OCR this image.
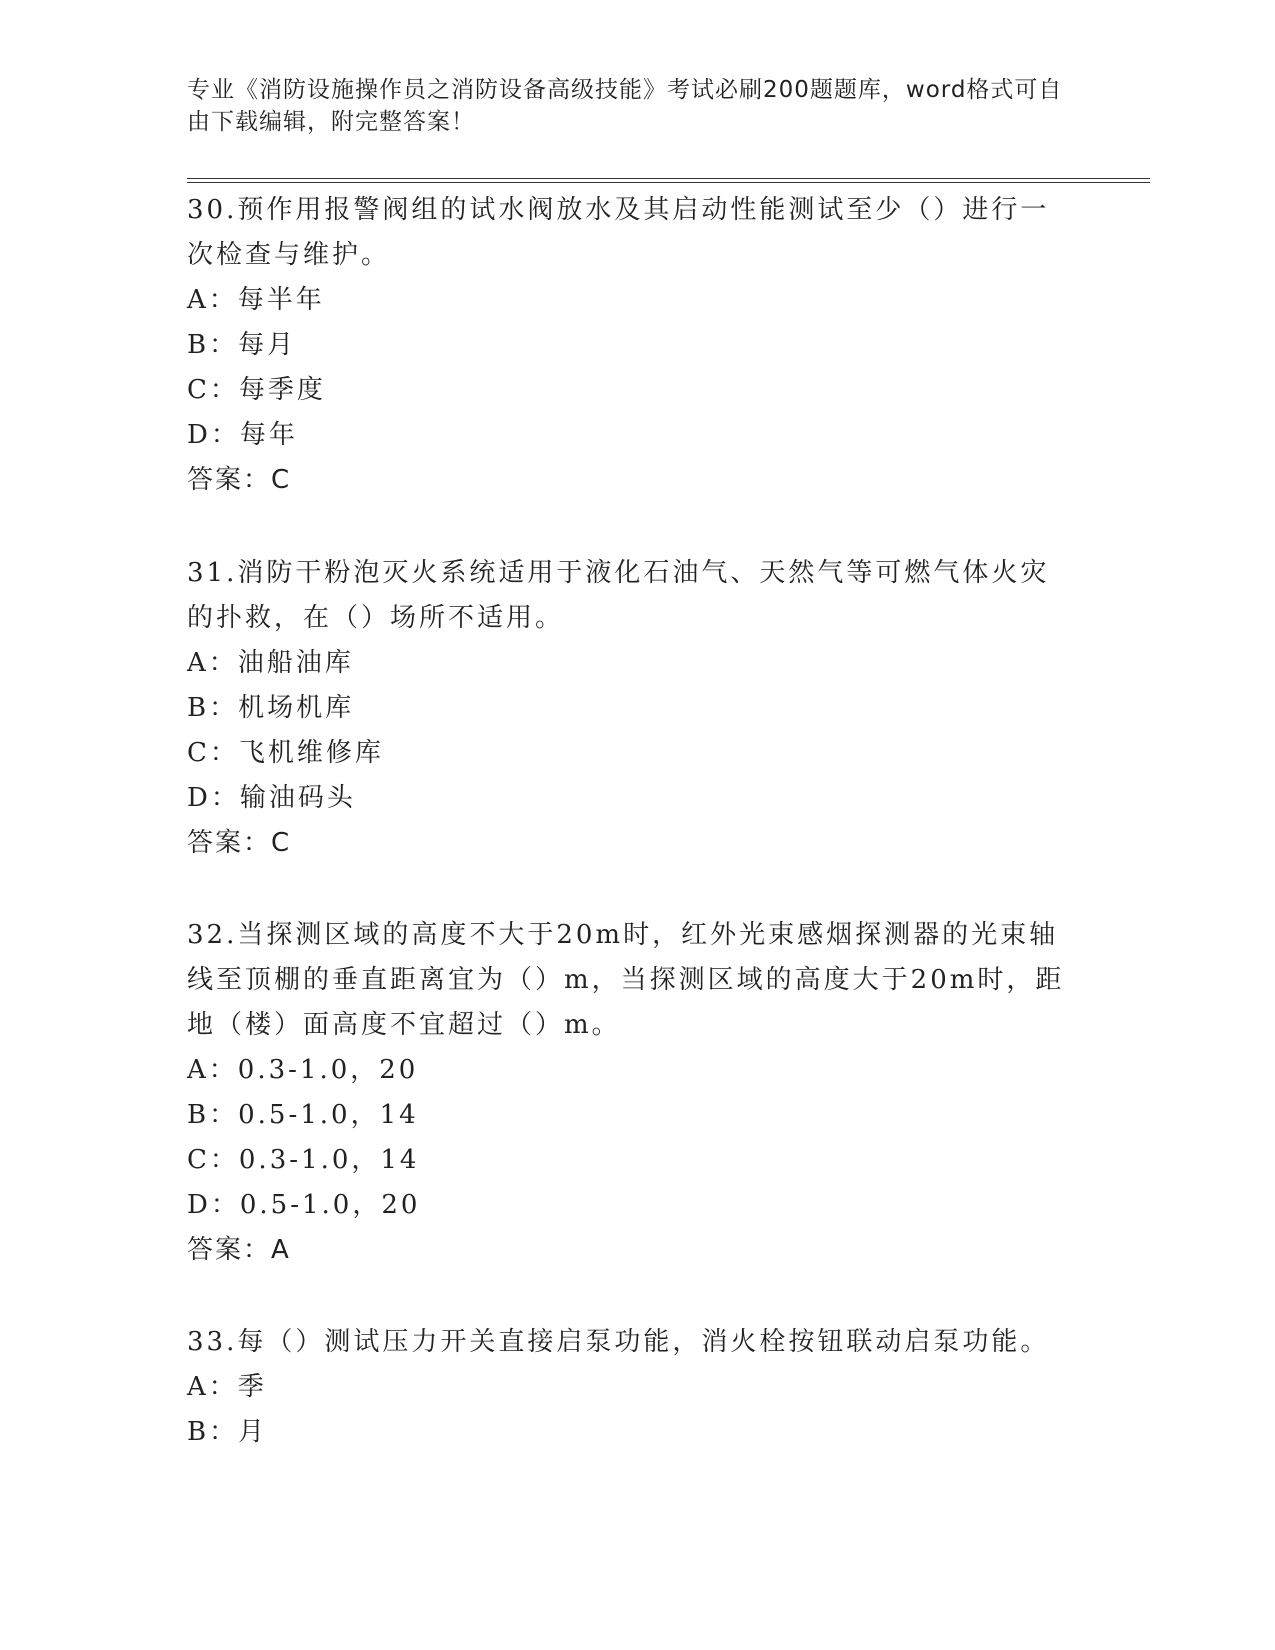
专业《消防设施操作员之消防设备高级技能》考试必刷200题题库，word格式可自由下载编辑，附完整答案！

30.预作用报警阀组的试水阀放水及其启动性能测试至少（）进行一次检查与维护。

A：每半年

B：每月

C：每季度

D：每年

答案：C

31.消防干粉泡灭火系统适用于液化石油气、天然气等可燃气体火灾的扑救，在（）场所不适用。

A：油船油库

B：机场机库

C：飞机维修库

D：输油码头

答案：C

32.当探测区域的高度不大于20m时，红外光束感烟探测器的光束轴线至顶棚的垂直距离宜为（）m，当探测区域的高度大于20m时，距地（楼）面高度不宜超过（）m。

A：0.3-1.0，20

B：0.5-1.0，14

C：0.3-1.0，14

D：0.5-1.0，20

答案：A

33.每（）测试压力开关直接启泵功能，消火栓按钮联动启泵功能。

A：季

B：月
